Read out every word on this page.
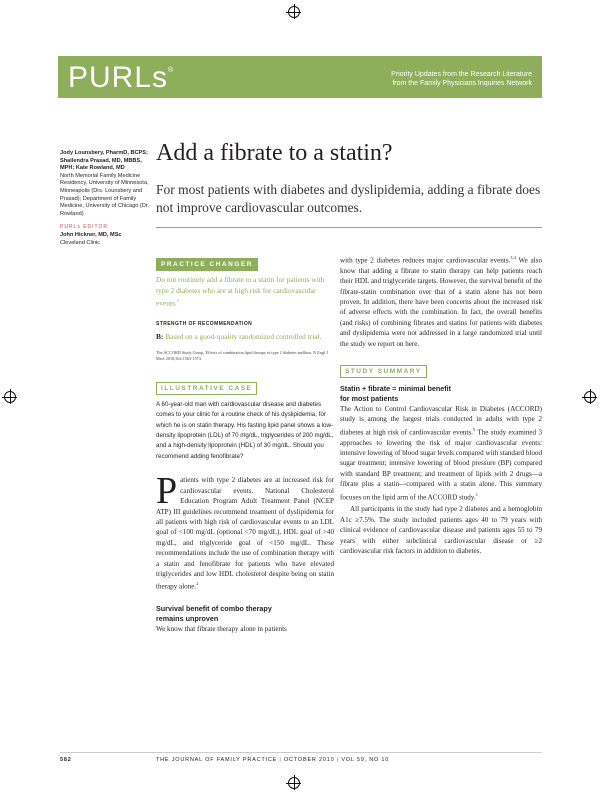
PURLs®
Priority Updates from the Research Literature
from the Family Physicians Inquiries Network
Jody Lounsbery, PharmD, BCPS; Shailendra Prasad, MD, MBBS, MPH; Kate Rowland, MD
North Memorial Family Medicine Residency, University of Minnesota, Minneapolis (Drs. Lounsbery and Prasad); Department of Family Medicine, University of Chicago (Dr. Rowland)
PURLs EDITOR
John Hickner, MD, MSc
Cleveland Clinic
Add a fibrate to a statin?
For most patients with diabetes and dyslipidemia, adding a fibrate does not improve cardiovascular outcomes.
PRACTICE CHANGER
Do not routinely add a fibrate to a statin for patients with type 2 diabetes who are at high risk for cardiovascular events.$^1$
STRENGTH OF RECOMMENDATION
B: Based on a good-quality randomized controlled trial.
The ACCORD Study Group. Effects of combination lipid therapy in type 2 diabetes mellitus. N Engl J Med. 2010;362:1563-1574.
ILLUSTRATIVE CASE
A 60-year-old man with cardiovascular disease and diabetes comes to your clinic for a routine check of his dyslipidemia, for which he is on statin therapy. His fasting lipid panel shows a low-density lipoprotein (LDL) of 70 mg/dL, triglycerides of 200 mg/dL, and a high-density lipoprotein (HDL) of 30 mg/dL. Should you recommend adding fenofibrate?
Patients with type 2 diabetes are at increased risk for cardiovascular events. National Cholesterol Education Program Adult Treatment Panel (NCEP ATP) III guidelines recommend treatment of dyslipidemia for all patients with high risk of cardiovascular events to an LDL goal of <100 mg/dL (optional <70 mg/dL), HDL goal of >40 mg/dL, and triglyceride goal of <150 mg/dL. These recommendations include the use of combination therapy with a statin and fenofibrate for patients who have elevated triglycerides and low HDL cholesterol despite being on statin therapy alone.$^2$
Survival benefit of combo therapy
remains unproven
We know that fibrate therapy alone in patients
with type 2 diabetes reduces major cardiovascular events.$^{3,4}$ We also know that adding a fibrate to statin therapy can help patients reach their HDL and triglyceride targets. However, the survival benefit of the fibrate-statin combination over that of a statin alone has not been proven. In addition, there have been concerns about the increased risk of adverse effects with the combination. In fact, the overall benefits (and risks) of combining fibrates and statins for patients with diabetes and dyslipidemia were not addressed in a large randomized trial until the study we report on here.
STUDY SUMMARY
Statin + fibrate = minimal benefit
for most patients
The Action to Control Cardiovascular Risk in Diabetes (ACCORD) study is among the largest trials conducted in adults with type 2 diabetes at high risk of cardiovascular events.$^5$ The study examined 3 approaches to lowering the risk of major cardiovascular events: intensive lowering of blood sugar levels compared with standard blood sugar treatment; intensive lowering of blood pressure (BP) compared with standard BP treatment; and treatment of lipids with 2 drugs—a fibrate plus a statin—compared with a statin alone. This summary focuses on the lipid arm of the ACCORD study.$^1$
All participants in the study had type 2 diabetes and a hemoglobin A1c ≥7.5%. The study included patients ages 40 to 79 years with clinical evidence of cardiovascular disease and patients ages 55 to 79 years with either subclinical cardiovascular disease or ≥2 cardiovascular risk factors in addition to diabetes.
582	THE JOURNAL OF FAMILY PRACTICE | OCTOBER 2010 | VOL 59, NO 10
